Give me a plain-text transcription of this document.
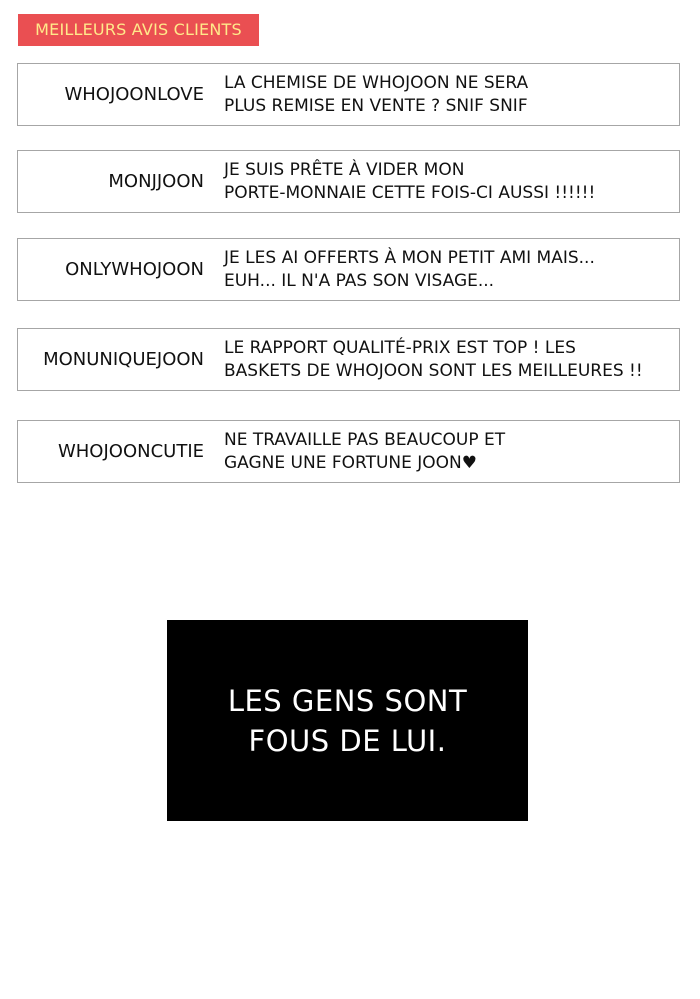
MEILLEURS AVIS CLIENTS
WHOJOONLOVE
LA CHEMISE DE WHOJOON NE SERA
PLUS REMISE EN VENTE ? SNIF SNIF
MONJJOON
JE SUIS PRÊTE À VIDER MON
PORTE-MONNAIE CETTE FOIS-CI AUSSI !!!!!!
ONLYWHOJOON
JE LES AI OFFERTS À MON PETIT AMI MAIS...
EUH... IL N'A PAS SON VISAGE...
MONUNIQUEJOON
LE RAPPORT QUALITÉ-PRIX EST TOP ! LES
BASKETS DE WHOJOON SONT LES MEILLEURES !!
WHOJOONCUTIE
NE TRAVAILLE PAS BEAUCOUP ET
GAGNE UNE FORTUNE JOON♥
LES GENS SONT
FOUS DE LUI.
